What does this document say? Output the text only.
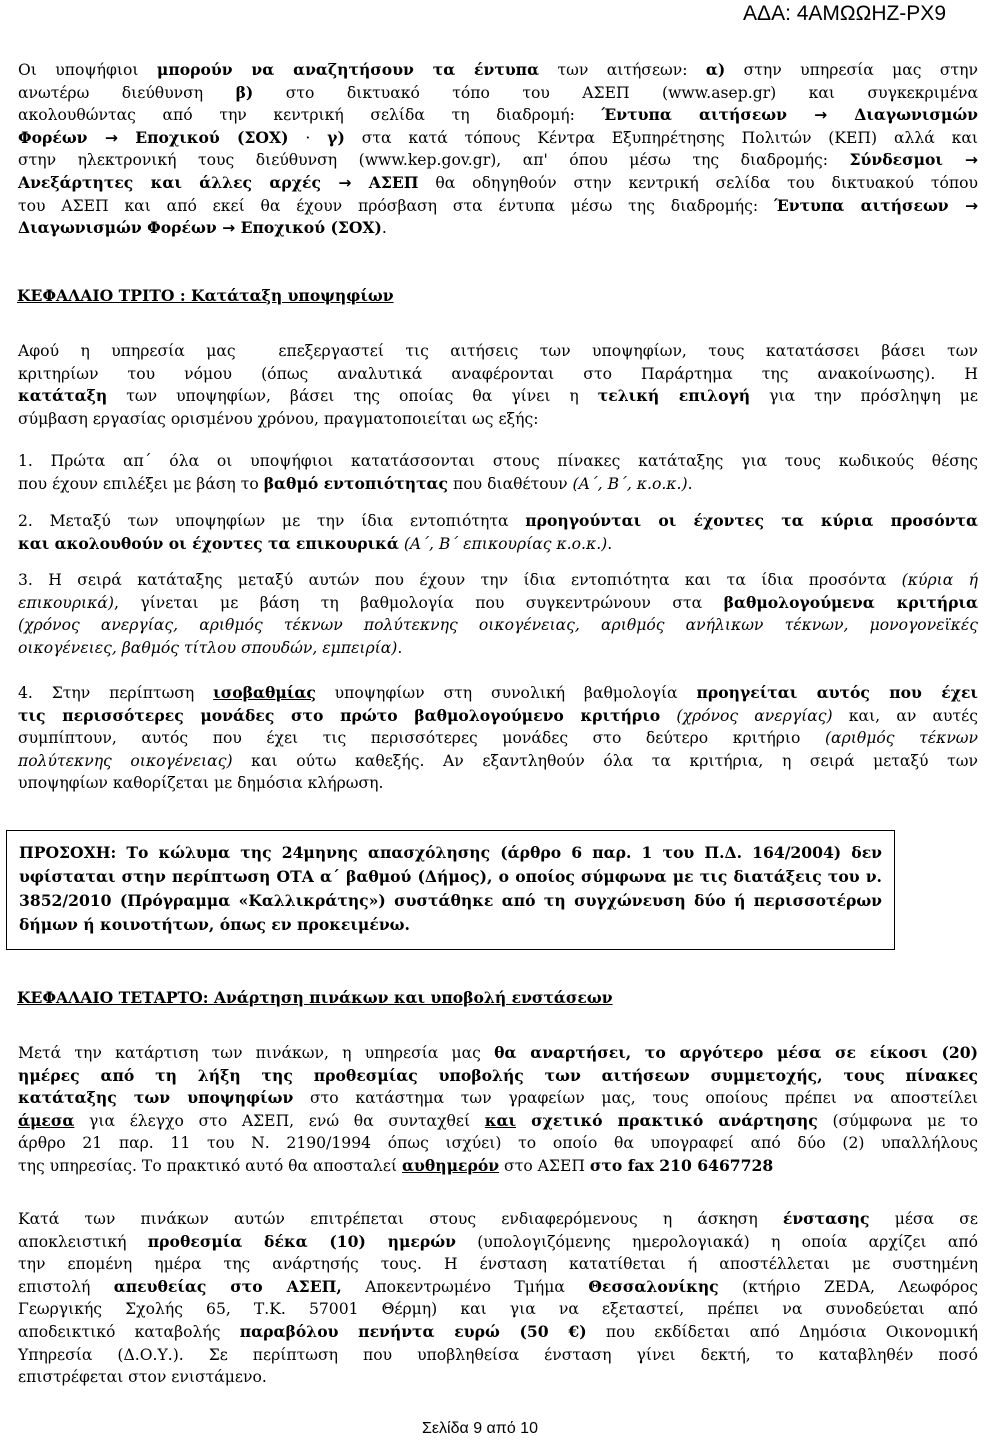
ΑΔΑ: 4ΑΜΩΩΗΖ-ΡΧ9
Οι υποψήφιοι μπορούν να αναζητήσουν τα έντυπα των αιτήσεων: α) στην υπηρεσία μας στην
ανωτέρω διεύθυνση β) στο δικτυακό τόπο του ΑΣΕΠ (www.asep.gr) και συγκεκριμένα
ακολουθώντας από την κεντρική σελίδα τη διαδρομή: Έντυπα αιτήσεων → Διαγωνισμών
Φορέων → Εποχικού (ΣΟΧ) · γ) στα κατά τόπους Κέντρα Εξυπηρέτησης Πολιτών (ΚΕΠ) αλλά και
στην ηλεκτρονική τους διεύθυνση (www.kep.gov.gr), απ' όπου μέσω της διαδρομής: Σύνδεσμοι →
Ανεξάρτητες και άλλες αρχές → ΑΣΕΠ θα οδηγηθούν στην κεντρική σελίδα του δικτυακού τόπου
του ΑΣΕΠ και από εκεί θα έχουν πρόσβαση στα έντυπα μέσω της διαδρομής: Έντυπα αιτήσεων →
Διαγωνισμών Φορέων → Εποχικού (ΣΟΧ).
ΚΕΦΑΛΑΙΟ ΤΡΙΤΟ : Κατάταξη υποψηφίων
Αφού η υπηρεσία μας  επεξεργαστεί τις αιτήσεις των υποψηφίων, τους κατατάσσει βάσει των
κριτηρίων του νόμου (όπως αναλυτικά αναφέρονται στο Παράρτημα της ανακοίνωσης). Η
κατάταξη των υποψηφίων, βάσει της οποίας θα γίνει η τελική επιλογή για την πρόσληψη με
σύμβαση εργασίας ορισμένου χρόνου, πραγματοποιείται ως εξής:
1. Πρώτα απ΄ όλα οι υποψήφιοι κατατάσσονται στους πίνακες κατάταξης για τους κωδικούς θέσης
που έχουν επιλέξει με βάση το βαθμό εντοπιότητας που διαθέτουν (Α΄, Β΄, κ.ο.κ.).
2. Μεταξύ των υποψηφίων με την ίδια εντοπιότητα προηγούνται οι έχοντες τα κύρια προσόντα
και ακολουθούν οι έχοντες τα επικουρικά (Α΄, Β΄ επικουρίας κ.ο.κ.).
3. Η σειρά κατάταξης μεταξύ αυτών που έχουν την ίδια εντοπιότητα και τα ίδια προσόντα (κύρια ή
επικουρικά), γίνεται με βάση τη βαθμολογία που συγκεντρώνουν στα βαθμολογούμενα κριτήρια
(χρόνος ανεργίας, αριθμός τέκνων πολύτεκνης οικογένειας, αριθμός ανήλικων τέκνων, μονογονεϊκές
οικογένειες, βαθμός τίτλου σπουδών, εμπειρία).
4. Στην περίπτωση ισοβαθμίας υποψηφίων στη συνολική βαθμολογία προηγείται αυτός που έχει
τις περισσότερες μονάδες στο πρώτο βαθμολογούμενο κριτήριο (χρόνος ανεργίας) και, αν αυτές
συμπίπτουν, αυτός που έχει τις περισσότερες μονάδες στο δεύτερο κριτήριο (αριθμός τέκνων
πολύτεκνης οικογένειας) και ούτω καθεξής. Αν εξαντληθούν όλα τα κριτήρια, η σειρά μεταξύ των
υποψηφίων καθορίζεται με δημόσια κλήρωση.
ΠΡΟΣΟΧΗ: Το κώλυμα της 24μηνης απασχόλησης (άρθρο 6 παρ. 1 του Π.Δ. 164/2004) δεν
υφίσταται στην περίπτωση ΟΤΑ α΄ βαθμού (Δήμος), ο οποίος σύμφωνα με τις διατάξεις του ν.
3852/2010 (Πρόγραμμα «Καλλικράτης») συστάθηκε από τη συγχώνευση δύο ή περισσοτέρων
δήμων ή κοινοτήτων, όπως εν προκειμένω.
ΚΕΦΑΛΑΙΟ ΤΕΤΑΡΤΟ: Ανάρτηση πινάκων και υποβολή ενστάσεων
Μετά την κατάρτιση των πινάκων, η υπηρεσία μας θα αναρτήσει, το αργότερο μέσα σε είκοσι (20)
ημέρες από τη λήξη της προθεσμίας υποβολής των αιτήσεων συμμετοχής, τους πίνακες
κατάταξης των υποψηφίων στο κατάστημα των γραφείων μας, τους οποίους πρέπει να αποστείλει
άμεσα για έλεγχο στο ΑΣΕΠ, ενώ θα συνταχθεί και σχετικό πρακτικό ανάρτησης (σύμφωνα με το
άρθρο 21 παρ. 11 του Ν. 2190/1994 όπως ισχύει) το οποίο θα υπογραφεί από δύο (2) υπαλλήλους
της υπηρεσίας. Το πρακτικό αυτό θα αποσταλεί αυθημερόν στο ΑΣΕΠ στο fax 210 6467728
Κατά των πινάκων αυτών επιτρέπεται στους ενδιαφερόμενους η άσκηση ένστασης μέσα σε
αποκλειστική προθεσμία δέκα (10) ημερών (υπολογιζόμενης ημερολογιακά) η οποία αρχίζει από
την επομένη ημέρα της ανάρτησής τους. Η ένσταση κατατίθεται ή αποστέλλεται με συστημένη
επιστολή απευθείας στο ΑΣΕΠ, Αποκεντρωμένο Τμήμα Θεσσαλονίκης (κτήριο ZEDA, Λεωφόρος
Γεωργικής Σχολής 65, Τ.Κ. 57001 Θέρμη) και για να εξεταστεί, πρέπει να συνοδεύεται από
αποδεικτικό καταβολής παραβόλου πενήντα ευρώ (50 €) που εκδίδεται από Δημόσια Οικονομική
Υπηρεσία (Δ.Ο.Υ.). Σε περίπτωση που υποβληθείσα ένσταση γίνει δεκτή, το καταβληθέν ποσό
επιστρέφεται στον ενιστάμενο.
Σελίδα 9 από 10
